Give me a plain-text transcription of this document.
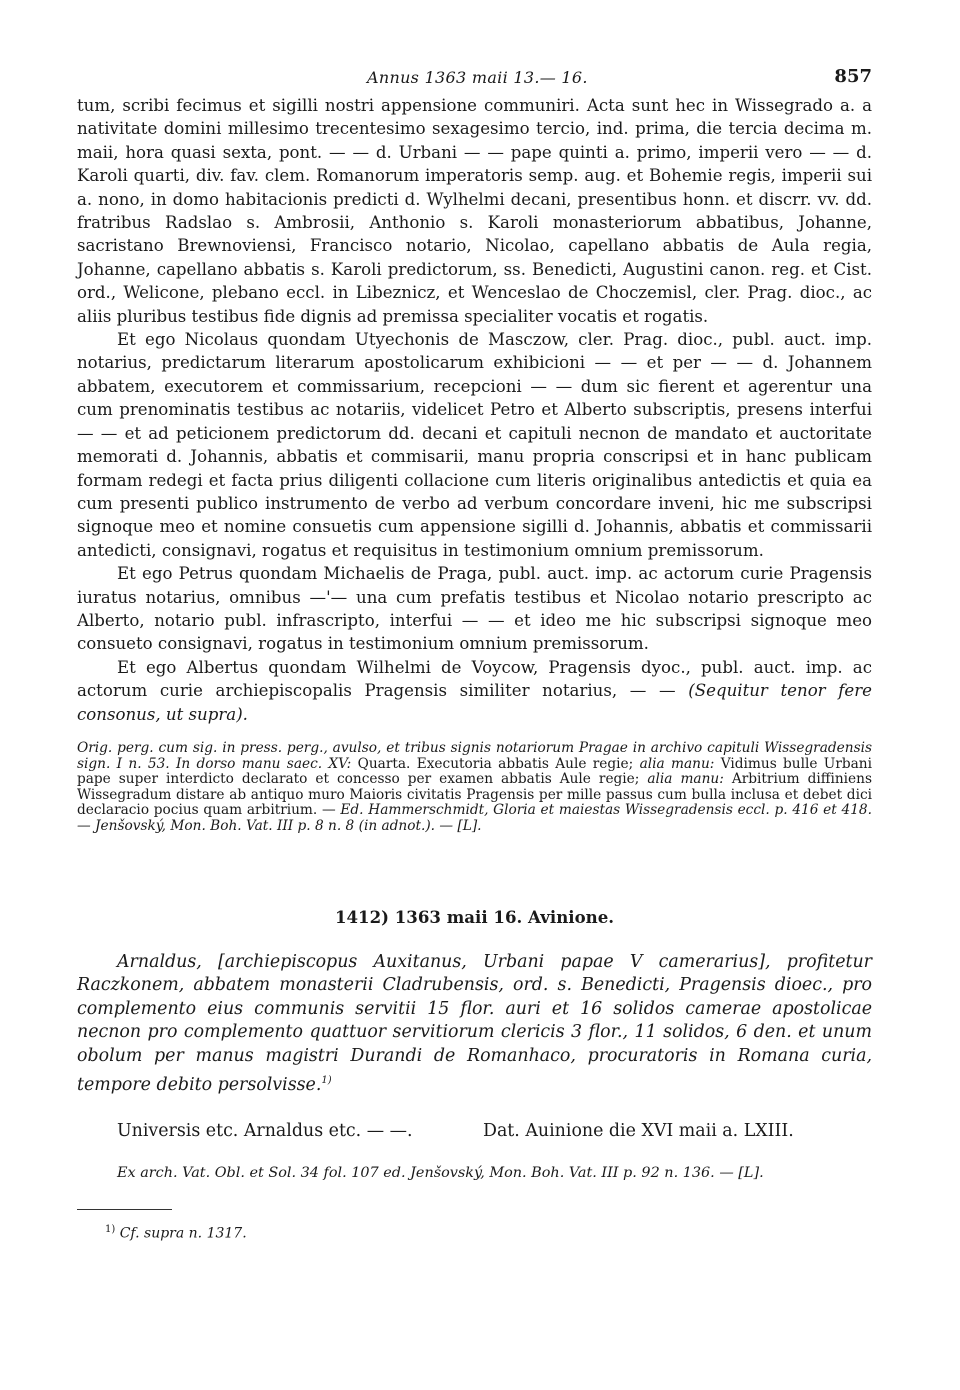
Annus 1363 maii 13.— 16.	857

tum, scribi fecimus et sigilli nostri appensione communiri. Acta sunt hec in Wissegrado a. a nativitate domini millesimo trecentesimo sexagesimo tercio, ind. prima, die tercia decima m. maii, hora quasi sexta, pont. — — d. Urbani — — pape quinti a. primo, imperii vero — — d. Karoli quarti, div. fav. clem. Romanorum imperatoris semp. aug. et Bohemie regis, imperii sui a. nono, in domo habitacionis predicti d. Wylhelmi decani, presentibus honn. et discrr. vv. dd. fratribus Radslao s. Ambrosii, Anthonio s. Karoli monasteriorum abbatibus, Johanne, sacristano Brewnoviensi, Francisco notario, Nicolao, capellano abbatis de Aula regia, Johanne, capellano abbatis s. Karoli predictorum, ss. Benedicti, Augustini canon. reg. et Cist. ord., Welicone, plebano eccl. in Libeznicz, et Wenceslao de Choczemisl, cler. Prag. dioc., ac aliis pluribus testibus fide dignis ad premissa specialiter vocatis et rogatis.

Et ego Nicolaus quondam Utyechonis de Masczow, cler. Prag. dioc., publ. auct. imp. notarius, predictarum literarum apostolicarum exhibicioni — — et per — — d. Johannem abbatem, executorem et commissarium, recepcioni — — dum sic fierent et agerentur una cum prenominatis testibus ac notariis, videlicet Petro et Alberto subscriptis, presens interfui — — et ad peticionem predictorum dd. decani et capituli necnon de mandato et auctoritate memorati d. Johannis, abbatis et commisarii, manu propria conscripsi et in hanc publicam formam redegi et facta prius diligenti collacione cum literis originalibus antedictis et quia ea cum presenti publico instrumento de verbo ad verbum concordare inveni, hic me subscripsi signoque meo et nomine consuetis cum appensione sigilli d. Johannis, abbatis et commissarii antedicti, consignavi, rogatus et requisitus in testimonium omnium premissorum.

Et ego Petrus quondam Michaelis de Praga, publ. auct. imp. ac actorum curie Pragensis iuratus notarius, omnibus —'— una cum prefatis testibus et Nicolao notario prescripto ac Alberto, notario publ. infrascripto, interfui — — et ideo me hic subscripsi signoque meo consueto consignavi, rogatus in testimonium omnium premissorum.

Et ego Albertus quondam Wilhelmi de Voycow, Pragensis dyoc., publ. auct. imp. ac actorum curie archiepiscopalis Pragensis similiter notarius, — — (Sequitur tenor fere consonus, ut supra).

Orig. perg. cum sig. in press. perg., avulso, et tribus signis notariorum Pragae in archivo capituli Wissegradensis sign. I n. 53. In dorso manu saec. XV: Quarta. Executoria abbatis Aule regie; alia manu: Vidimus bulle Urbani pape super interdicto declarato et concesso per examen abbatis Aule regie; alia manu: Arbitrium diffiniens Wissegradum distare ab antiquo muro Maioris civitatis Pragensis per mille passus cum bulla inclusa et debet dici declaracio pocius quam arbitrium. — Ed. Hammerschmidt, Gloria et maiestas Wissegradensis eccl. p. 416 et 418. — Jenšovský, Mon. Boh. Vat. III p. 8 n. 8 (in adnot.). — [L].
1412) 1363 maii 16. Avinione.

Arnaldus, [archiepiscopus Auxitanus, Urbani papae V camerarius], profitetur Raczkonem, abbatem monasterii Cladrubensis, ord. s. Benedicti, Pragensis dioec., pro complemento eius communis servitii 15 flor. auri et 16 solidos camerae apostolicae necnon pro complemento quattuor servitiorum clericis 3 flor., 11 solidos, 6 den. et unum obolum per manus magistri Durandi de Romanhaco, procuratoris in Romana curia, tempore debito persolvisse.$^{1)}$

Universis etc. Arnaldus etc. — —.	Dat. Auinione die XVI maii a. LXIII.
Ex arch. Vat. Obl. et Sol. 34 fol. 107 ed. Jenšovský, Mon. Boh. Vat. III p. 92 n. 136. — [L].
$^{1)}$ Cf. supra n. 1317.
